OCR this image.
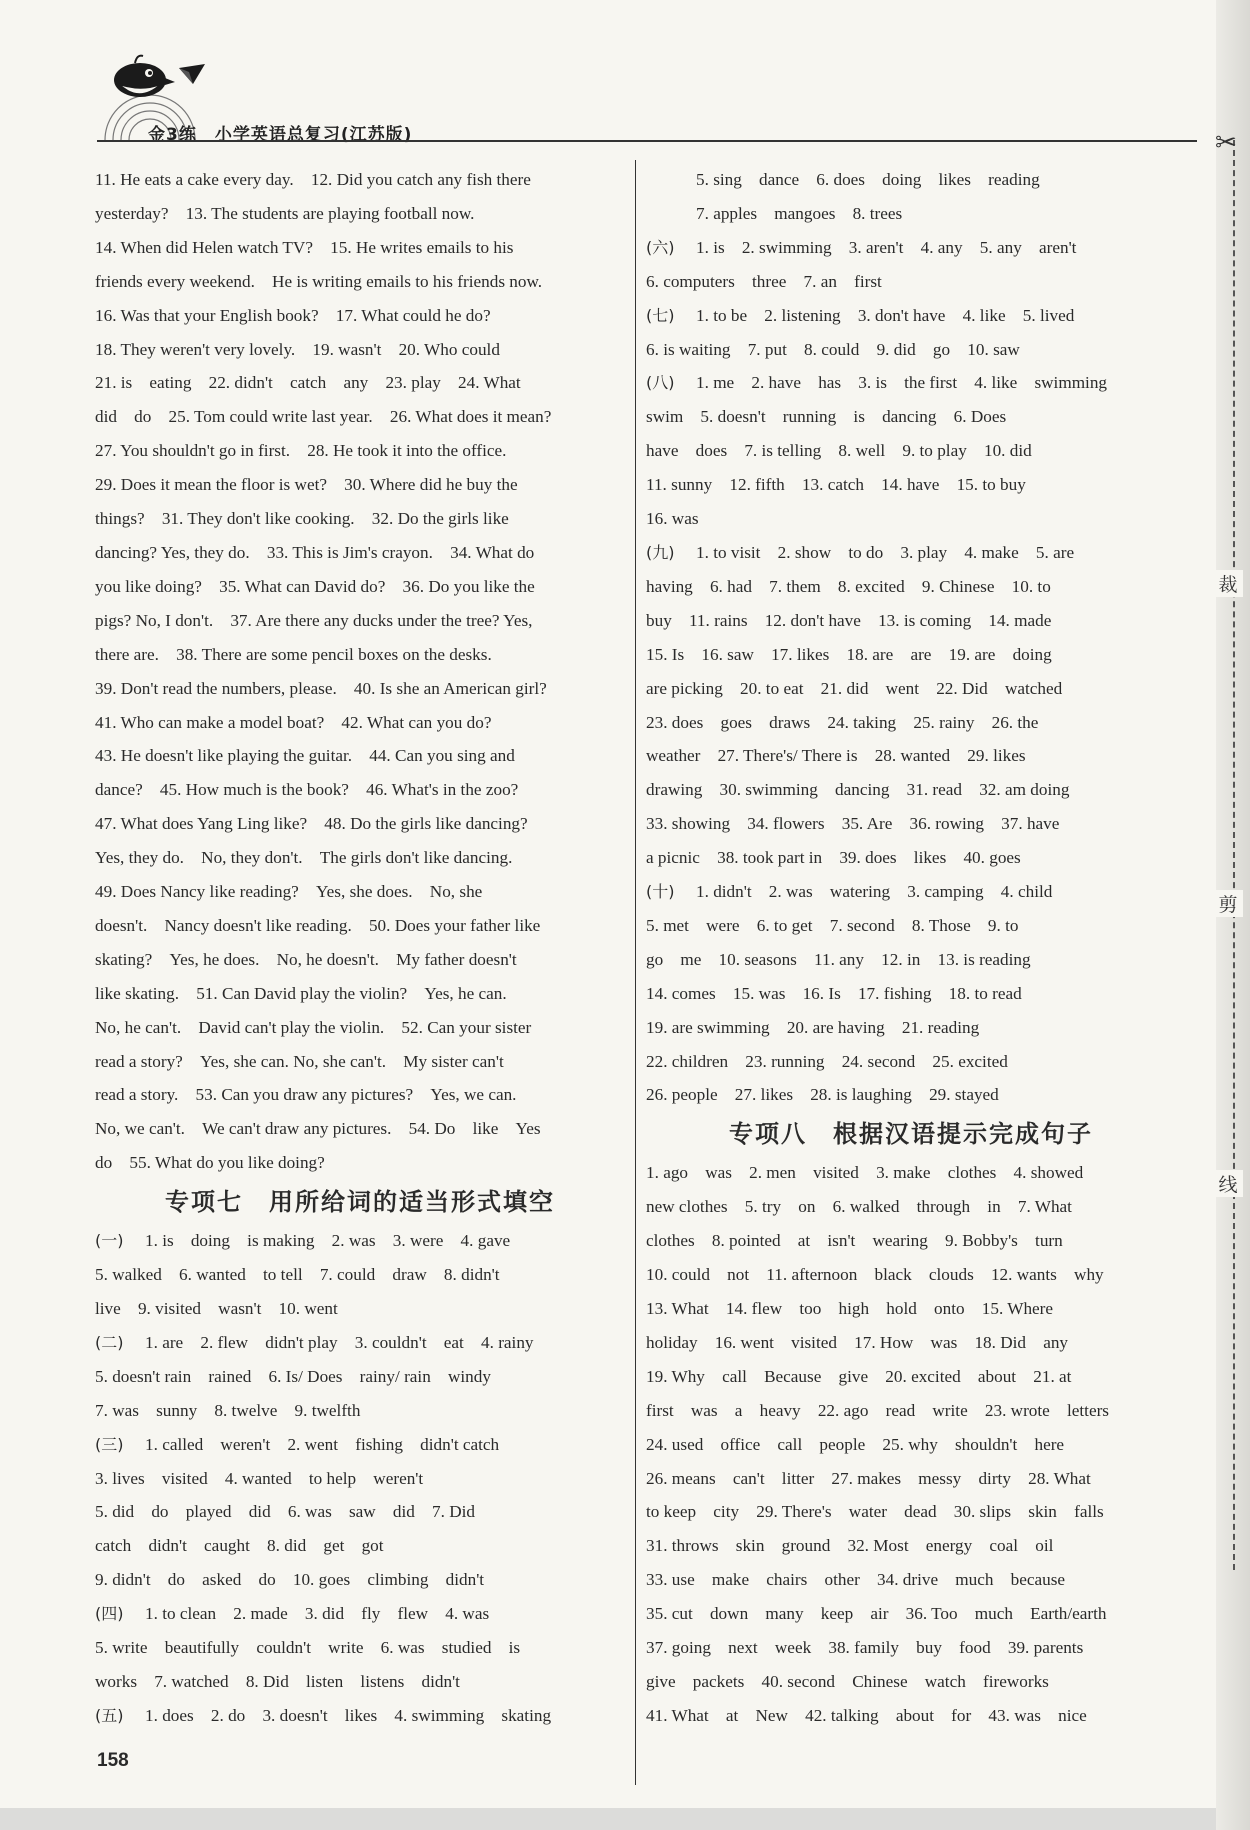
✂
裁
剪
线
金3练　小学英语总复习(江苏版)
11. He eats a cake every day.　12. Did you catch any fish there
yesterday?　13. The students are playing football now.
14. When did Helen watch TV?　15. He writes emails to his
friends every weekend.　He is writing emails to his friends now.
16. Was that your English book?　17. What could he do?
18. They weren't very lovely.　19. wasn't　20. Who could
21. is　eating　22. didn't　catch　any　23. play　24. What
did　do　25. Tom could write last year.　26. What does it mean?
27. You shouldn't go in first.　28. He took it into the office.
29. Does it mean the floor is wet?　30. Where did he buy the
things?　31. They don't like cooking.　32. Do the girls like
dancing? Yes, they do.　33. This is Jim's crayon.　34. What do
you like doing?　35. What can David do?　36. Do you like the
pigs? No, I don't.　37. Are there any ducks under the tree? Yes,
there are.　38. There are some pencil boxes on the desks.
39. Don't read the numbers, please.　40. Is she an American girl?
41. Who can make a model boat?　42. What can you do?
43. He doesn't like playing the guitar.　44. Can you sing and
dance?　45. How much is the book?　46. What's in the zoo?
47. What does Yang Ling like?　48. Do the girls like dancing?
Yes, they do.　No, they don't.　The girls don't like dancing.
49. Does Nancy like reading?　Yes, she does.　No, she
doesn't.　Nancy doesn't like reading.　50. Does your father like
skating?　Yes, he does.　No, he doesn't.　My father doesn't
like skating.　51. Can David play the violin?　Yes, he can.
No, he can't.　David can't play the violin.　52. Can your sister
read a story?　Yes, she can. No, she can't.　My sister can't
read a story.　53. Can you draw any pictures?　Yes, we can.
No, we can't.　We can't draw any pictures.　54. Do　like　Yes
do　55. What do you like doing?
专项七　用所给词的适当形式填空
(一) 1. is　doing　is making　2. was　3. were　4. gave
5. walked　6. wanted　to tell　7. could　draw　8. didn't
live　9. visited　wasn't　10. went
(二) 1. are　2. flew　didn't play　3. couldn't　eat　4. rainy
5. doesn't rain　rained　6. Is/ Does　rainy/ rain　windy
7. was　sunny　8. twelve　9. twelfth
(三) 1. called　weren't　2. went　fishing　didn't catch
3. lives　visited　4. wanted　to help　weren't
5. did　do　played　did　6. was　saw　did　7. Did
catch　didn't　caught　8. did　get　got
9. didn't　do　asked　do　10. goes　climbing　didn't
(四) 1. to clean　2. made　3. did　fly　flew　4. was
5. write　beautifully　couldn't　write　6. was　studied　is
works　7. watched　8. Did　listen　listens　didn't
(五) 1. does　2. do　3. doesn't　likes　4. swimming　skating
5. sing　dance　6. does　doing　likes　reading
7. apples　mangoes　8. trees
(六) 1. is　2. swimming　3. aren't　4. any　5. any　aren't
6. computers　three　7. an　first
(七) 1. to be　2. listening　3. don't have　4. like　5. lived
6. is waiting　7. put　8. could　9. did　go　10. saw
(八) 1. me　2. have　has　3. is　the first　4. like　swimming
swim　5. doesn't　running　is　dancing　6. Does
have　does　7. is telling　8. well　9. to play　10. did
11. sunny　12. fifth　13. catch　14. have　15. to buy
16. was
(九) 1. to visit　2. show　to do　3. play　4. make　5. are
having　6. had　7. them　8. excited　9. Chinese　10. to
buy　11. rains　12. don't have　13. is coming　14. made
15. Is　16. saw　17. likes　18. are　are　19. are　doing
are picking　20. to eat　21. did　went　22. Did　watched
23. does　goes　draws　24. taking　25. rainy　26. the
weather　27. There's/ There is　28. wanted　29. likes
drawing　30. swimming　dancing　31. read　32. am doing
33. showing　34. flowers　35. Are　36. rowing　37. have
a picnic　38. took part in　39. does　likes　40. goes
(十) 1. didn't　2. was　watering　3. camping　4. child
5. met　were　6. to get　7. second　8. Those　9. to
go　me　10. seasons　11. any　12. in　13. is reading
14. comes　15. was　16. Is　17. fishing　18. to read
19. are swimming　20. are having　21. reading
22. children　23. running　24. second　25. excited
26. people　27. likes　28. is laughing　29. stayed
专项八　根据汉语提示完成句子
1. ago　was　2. men　visited　3. make　clothes　4. showed
new clothes　5. try　on　6. walked　through　in　7. What
clothes　8. pointed　at　isn't　wearing　9. Bobby's　turn
10. could　not　11. afternoon　black　clouds　12. wants　why
13. What　14. flew　too　high　hold　onto　15. Where
holiday　16. went　visited　17. How　was　18. Did　any
19. Why　call　Because　give　20. excited　about　21. at
first　was　a　heavy　22. ago　read　write　23. wrote　letters
24. used　office　call　people　25. why　shouldn't　here
26. means　can't　litter　27. makes　messy　dirty　28. What
to keep　city　29. There's　water　dead　30. slips　skin　falls
31. throws　skin　ground　32. Most　energy　coal　oil
33. use　make　chairs　other　34. drive　much　because
35. cut　down　many　keep　air　36. Too　much　Earth/earth
37. going　next　week　38. family　buy　food　39. parents
give　packets　40. second　Chinese　watch　fireworks
41. What　at　New　42. talking　about　for　43. was　nice
158
